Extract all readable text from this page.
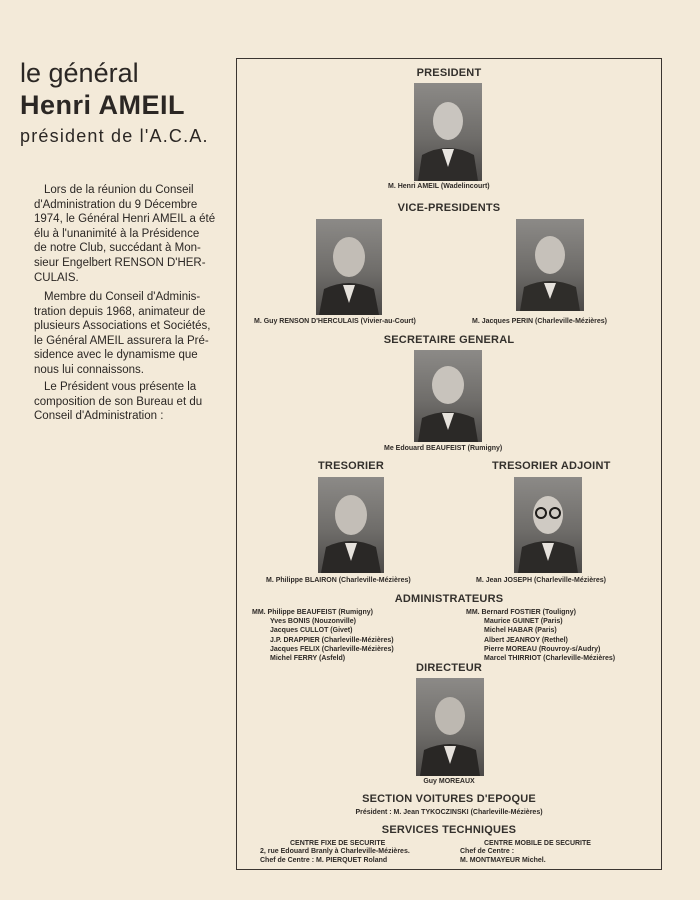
le général
Henri AMEIL
président de l'A.C.A.
Lors de la réunion du Conseil
d'Administration du 9 Décembre
1974, le Général Henri AMEIL a été
élu à l'unanimité à la Présidence
de notre Club, succédant à Mon-
sieur Engelbert RENSON D'HER-
CULAIS.
Membre du Conseil d'Adminis-
tration depuis 1968, animateur de
plusieurs Associations et Sociétés,
le Général AMEIL assurera la Pré-
sidence avec le dynamisme que
nous lui connaissons.
Le Président vous présente la
composition de son Bureau et du
Conseil d'Administration :
PRESIDENT
M. Henri AMEIL (Wadelincourt)
VICE-PRESIDENTS
M. Guy RENSON D'HERCULAIS (Vivier-au-Court)	M. Jacques PERIN (Charleville-Mézières)
SECRETAIRE GENERAL
Me Edouard BEAUFEIST (Rumigny)
TRESORIER	TRESORIER ADJOINT
M. Philippe BLAIRON (Charleville-Mézières)	M. Jean JOSEPH (Charleville-Mézières)
ADMINISTRATEURS
MM. Philippe BEAUFEIST (Rumigny)
Yves BONIS (Nouzonville)
Jacques CULLOT (Givet)
J.P. DRAPPIER (Charleville-Mézières)
Jacques FELIX (Charleville-Mézières)
Michel FERRY (Asfeld)
MM. Bernard FOSTIER (Touligny)
Maurice GUINET (Paris)
Michel HABAR (Paris)
Albert JEANROY (Rethel)
Pierre MOREAU (Rouvroy-s/Audry)
Marcel THIRRIOT (Charleville-Mézières)
DIRECTEUR
Guy MOREAUX
SECTION VOITURES D'EPOQUE
Président : M. Jean TYKOCZINSKI (Charleville-Mézières)
SERVICES TECHNIQUES
CENTRE FIXE DE SECURITE
2, rue Edouard Branly à Charleville-Mézières.
Chef de Centre : M. PIERQUET Roland
CENTRE MOBILE DE SECURITE
Chef de Centre :
M. MONTMAYEUR Michel.
